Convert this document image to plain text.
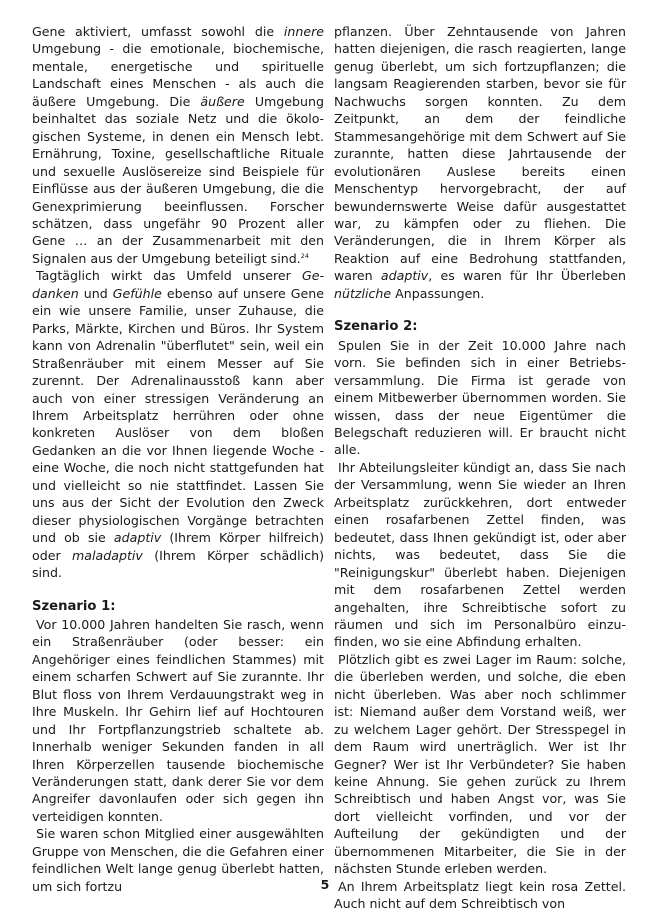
Gene aktiviert, umfasst sowohl die innere Umgebung - die emotionale, biochemische, mentale, energetische und spirituelle Landschaft eines Menschen - als auch die äußere Umgebung. Die äußere Umgebung beinhaltet das soziale Netz und die ökologischen Systeme, in denen ein Mensch lebt. Ernährung, Toxine, gesellschaftliche Rituale und sexuelle Auslösereize sind Beispiele für Einflüsse aus der äußeren Umgebung, die die Genexprimierung beeinflussen. Forscher schätzen, dass ungefähr 90 Prozent aller Gene … an der Zusammenarbeit mit den Signalen aus der Umgebung beteiligt sind.$^{24}$

Tagtäglich wirkt das Umfeld unserer Gedanken und Gefühle ebenso auf unsere Gene ein wie unsere Familie, unser Zuhause, die Parks, Märkte, Kirchen und Büros. Ihr System kann von Adrenalin "überflutet" sein, weil ein Straßenräuber mit einem Messer auf Sie zurennt. Der Adrenalinausstoß kann aber auch von einer stressigen Veränderung an Ihrem Arbeitsplatz herrühren oder ohne konkreten Auslöser von dem bloßen Gedanken an die vor Ihnen liegende Woche - eine Woche, die noch nicht stattgefunden hat und vielleicht so nie stattfindet. Lassen Sie uns aus der Sicht der Evolution den Zweck dieser physiologischen Vorgänge betrachten und ob sie adaptiv (Ihrem Körper hilfreich) oder maladaptiv (Ihrem Körper schädlich) sind.

Szenario 1:

Vor 10.000 Jahren handelten Sie rasch, wenn ein Straßenräuber (oder besser: ein Angehöriger eines feindlichen Stammes) mit einem scharfen Schwert auf Sie zurannte. Ihr Blut floss von Ihrem Verdauungstrakt weg in Ihre Muskeln. Ihr Gehirn lief auf Hochtouren und Ihr Fortpflanzungstrieb schaltete ab. Innerhalb weniger Sekunden fanden in all Ihren Körperzellen tausende biochemische Veränderungen statt, dank derer Sie vor dem Angreifer davonlaufen oder sich gegen ihn verteidigen konnten.

Sie waren schon Mitglied einer ausgewählten Gruppe von Menschen, die die Gefahren einer feindlichen Welt lange genug überlebt hatten, um sich fortzu

pflanzen. Über Zehntausende von Jahren hatten diejenigen, die rasch reagierten, lange genug überlebt, um sich fortzupflanzen; die langsam Reagierenden starben, bevor sie für Nachwuchs sorgen konnten. Zu dem Zeitpunkt, an dem der feindliche Stammesangehörige mit dem Schwert auf Sie zurannte, hatten diese Jahrtausende der evolutionären Auslese bereits einen Menschentyp hervorgebracht, der auf bewundernswerte Weise dafür ausgestattet war, zu kämpfen oder zu fliehen. Die Veränderungen, die in Ihrem Körper als Reaktion auf eine Bedrohung stattfanden, waren adaptiv, es waren für Ihr Überleben nützliche Anpassungen.

Szenario 2:

Spulen Sie in der Zeit 10.000 Jahre nach vorn. Sie befinden sich in einer Betriebsversammlung. Die Firma ist gerade von einem Mitbewerber übernommen worden. Sie wissen, dass der neue Eigentümer die Belegschaft reduzieren will. Er braucht nicht alle.

Ihr Abteilungsleiter kündigt an, dass Sie nach der Versammlung, wenn Sie wieder an Ihren Arbeitsplatz zurückkehren, dort entweder einen rosafarbenen Zettel finden, was bedeutet, dass Ihnen gekündigt ist, oder aber nichts, was bedeutet, dass Sie die "Reinigungskur" überlebt haben. Diejenigen mit dem rosafarbenen Zettel werden angehalten, ihre Schreibtische sofort zu räumen und sich im Personalbüro einzufinden, wo sie eine Abfindung erhalten.

Plötzlich gibt es zwei Lager im Raum: solche, die überleben werden, und solche, die eben nicht überleben. Was aber noch schlimmer ist: Niemand außer dem Vorstand weiß, wer zu welchem Lager gehört. Der Stresspegel in dem Raum wird unerträglich. Wer ist Ihr Gegner? Wer ist Ihr Verbündeter? Sie haben keine Ahnung. Sie gehen zurück zu Ihrem Schreibtisch und haben Angst vor, was Sie dort vielleicht vorfinden, und vor der Aufteilung der gekündigten und der übernommenen Mitarbeiter, die Sie in der nächsten Stunde erleben werden.

An Ihrem Arbeitsplatz liegt kein rosa Zettel. Auch nicht auf dem Schreibtisch von

5
